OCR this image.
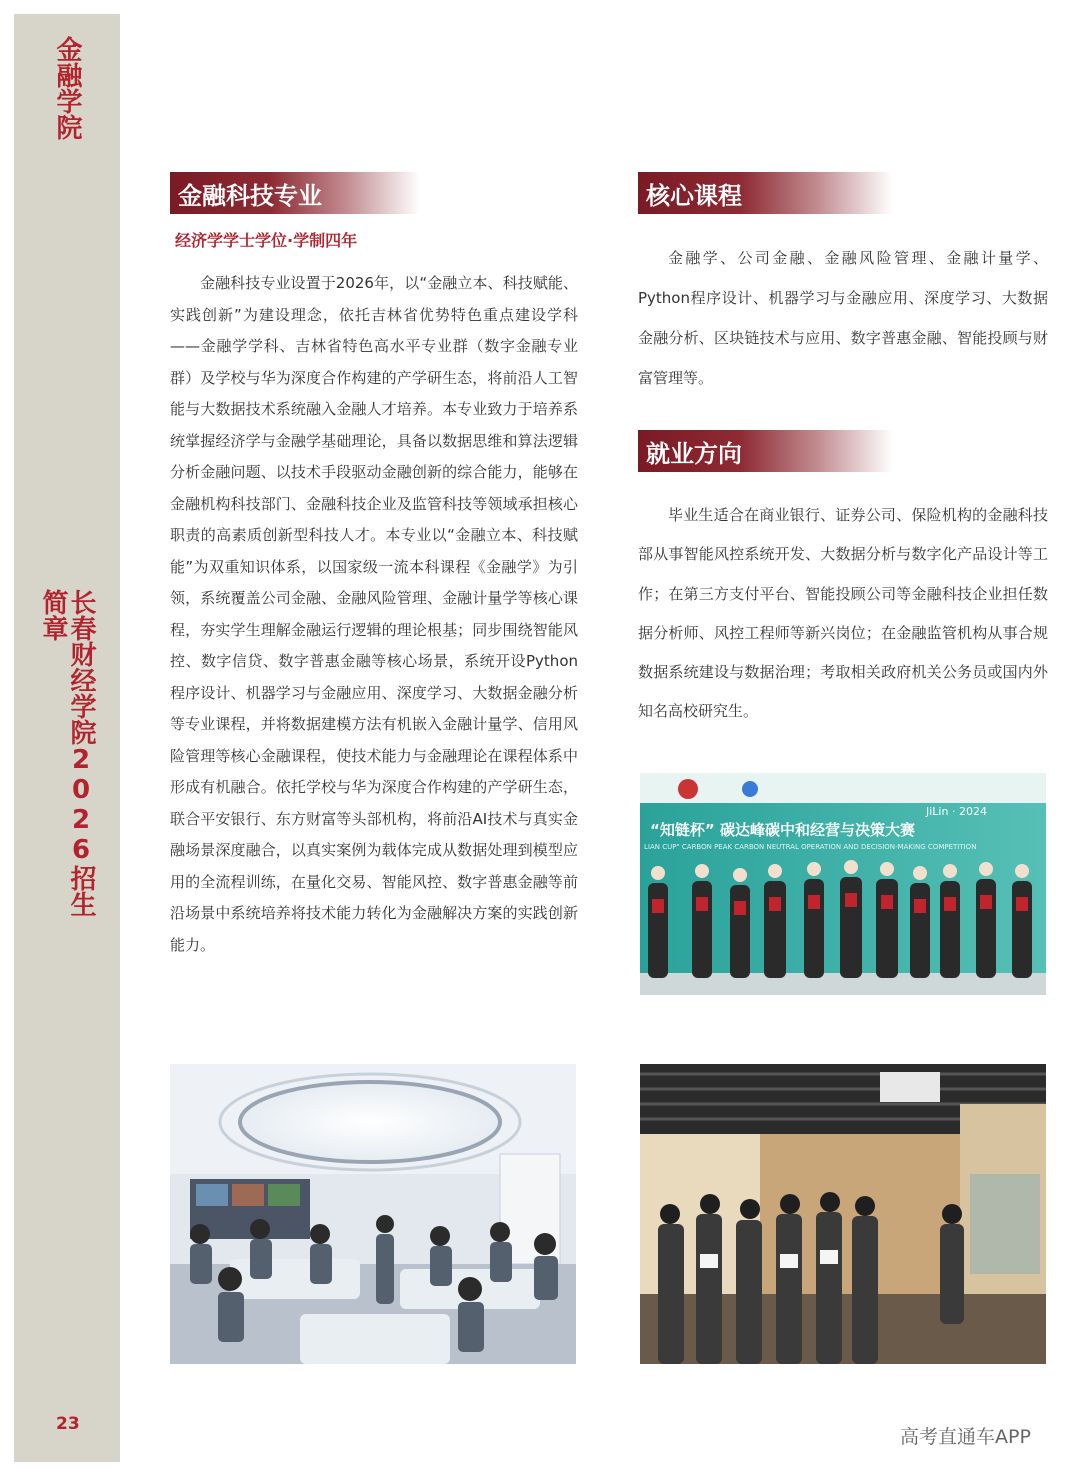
金融学院
长春财经学院2026招生简章
23
金融科技专业
经济学学士学位·学制四年

金融科技专业设置于2026年，以“金融立本、科技赋能、实践创新”为建设理念，依托吉林省优势特色重点建设学科——金融学学科、吉林省特色高水平专业群（数字金融专业群）及学校与华为深度合作构建的产学研生态，将前沿人工智能与大数据技术系统融入金融人才培养。本专业致力于培养系统掌握经济学与金融学基础理论，具备以数据思维和算法逻辑分析金融问题、以技术手段驱动金融创新的综合能力，能够在金融机构科技部门、金融科技企业及监管科技等领域承担核心职责的高素质创新型科技人才。本专业以“金融立本、科技赋能”为双重知识体系，以国家级一流本科课程《金融学》为引领，系统覆盖公司金融、金融风险管理、金融计量学等核心课程，夯实学生理解金融运行逻辑的理论根基；同步围绕智能风控、数字信贷、数字普惠金融等核心场景，系统开设Python程序设计、机器学习与金融应用、深度学习、大数据金融分析等专业课程，并将数据建模方法有机嵌入金融计量学、信用风险管理等核心金融课程，使技术能力与金融理论在课程体系中形成有机融合。依托学校与华为深度合作构建的产学研生态，联合平安银行、东方财富等头部机构，将前沿AI技术与真实金融场景深度融合，以真实案例为载体完成从数据处理到模型应用的全流程训练，在量化交易、智能风控、数字普惠金融等前沿场景中系统培养将技术能力转化为金融解决方案的实践创新能力。

核心课程

金融学、公司金融、金融风险管理、金融计量学、Python程序设计、机器学习与金融应用、深度学习、大数据金融分析、区块链技术与应用、数字普惠金融、智能投顾与财富管理等。

就业方向

毕业生适合在商业银行、证券公司、保险机构的金融科技部从事智能风控系统开发、大数据分析与数字化产品设计等工作；在第三方支付平台、智能投顾公司等金融科技企业担任数据分析师、风控工程师等新兴岗位；在金融监管机构从事合规数据系统建设与数据治理；考取相关政府机关公务员或国内外知名高校研究生。

JiLin · 2024
“知链杯” 碳达峰碳中和经营与决策大赛
LIAN CUP" CARBON PEAK CARBON NEUTRAL OPERATION AND DECISION-MAKING COMPETITION
高考直通车APP
